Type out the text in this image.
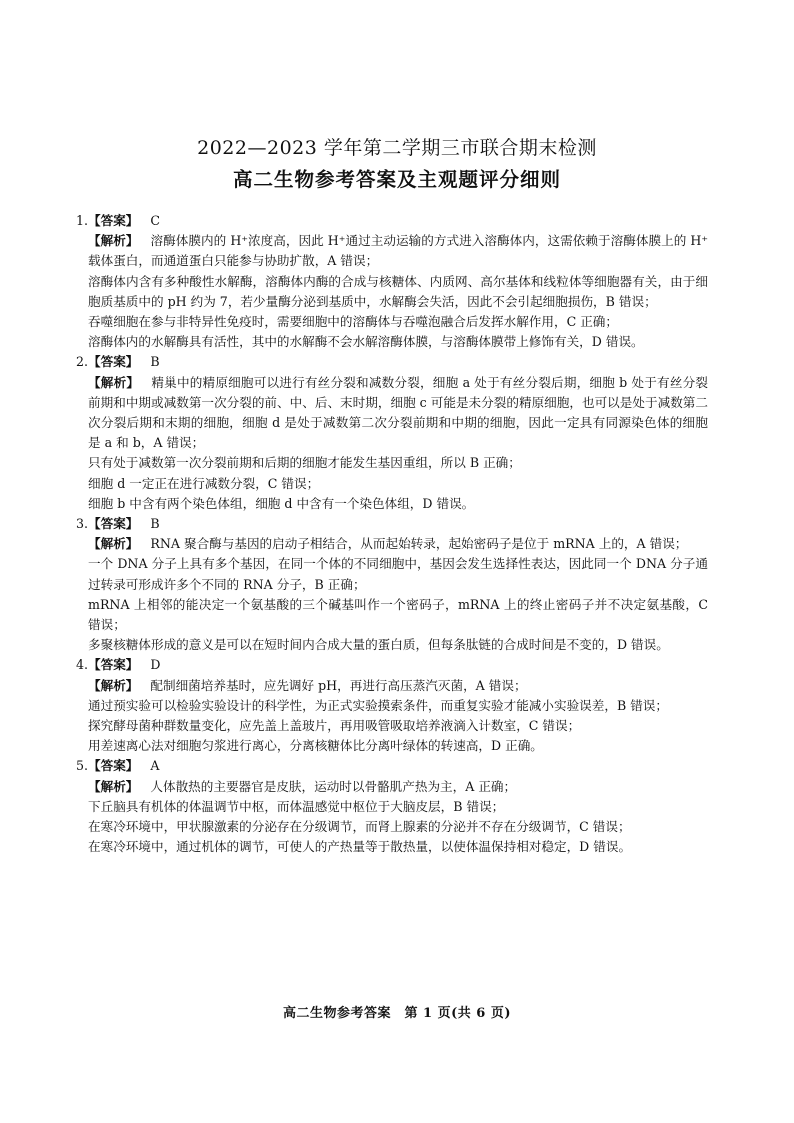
2022—2023 学年第二学期三市联合期末检测
高二生物参考答案及主观题评分细则
1. 【答案】 C
【解析】 溶酶体膜内的 H⁺浓度高，因此 H⁺通过主动运输的方式进入溶酶体内，这需依赖于溶酶体膜上的 H⁺载体蛋白，而通道蛋白只能参与协助扩散，A 错误；
溶酶体内含有多种酸性水解酶，溶酶体内酶的合成与核糖体、内质网、高尔基体和线粒体等细胞器有关，由于细胞质基质中的 pH 约为 7，若少量酶分泌到基质中，水解酶会失活，因此不会引起细胞损伤，B 错误；
吞噬细胞在参与非特异性免疫时，需要细胞中的溶酶体与吞噬泡融合后发挥水解作用，C 正确；
溶酶体内的水解酶具有活性，其中的水解酶不会水解溶酶体膜，与溶酶体膜带上修饰有关，D 错误。
2. 【答案】 B
【解析】 精巢中的精原细胞可以进行有丝分裂和减数分裂，细胞 a 处于有丝分裂后期，细胞 b 处于有丝分裂前期和中期或减数第一次分裂的前、中、后、末时期，细胞 c 可能是未分裂的精原细胞，也可以是处于减数第二次分裂后期和末期的细胞，细胞 d 是处于减数第二次分裂前期和中期的细胞，因此一定具有同源染色体的细胞是 a 和 b，A 错误；
只有处于减数第一次分裂前期和后期的细胞才能发生基因重组，所以 B 正确；
细胞 d 一定正在进行减数分裂，C 错误；
细胞 b 中含有两个染色体组，细胞 d 中含有一个染色体组，D 错误。
3. 【答案】 B
【解析】 RNA 聚合酶与基因的启动子相结合，从而起始转录，起始密码子是位于 mRNA 上的，A 错误；
一个 DNA 分子上具有多个基因，在同一个体的不同细胞中，基因会发生选择性表达，因此同一个 DNA 分子通过转录可形成许多个不同的 RNA 分子，B 正确；
mRNA 上相邻的能决定一个氨基酸的三个碱基叫作一个密码子，mRNA 上的终止密码子并不决定氨基酸，C 错误；
多聚核糖体形成的意义是可以在短时间内合成大量的蛋白质，但每条肽链的合成时间是不变的，D 错误。
4. 【答案】 D
【解析】 配制细菌培养基时，应先调好 pH，再进行高压蒸汽灭菌，A 错误；
通过预实验可以检验实验设计的科学性，为正式实验摸索条件，而重复实验才能减小实验误差，B 错误；
探究酵母菌种群数量变化，应先盖上盖玻片，再用吸管吸取培养液滴入计数室，C 错误；
用差速离心法对细胞匀浆进行离心，分离核糖体比分离叶绿体的转速高，D 正确。
5. 【答案】 A
【解析】 人体散热的主要器官是皮肤，运动时以骨骼肌产热为主，A 正确；
下丘脑具有机体的体温调节中枢，而体温感觉中枢位于大脑皮层，B 错误；
在寒冷环境中，甲状腺激素的分泌存在分级调节，而肾上腺素的分泌并不存在分级调节，C 错误；
在寒冷环境中，通过机体的调节，可使人的产热量等于散热量，以使体温保持相对稳定，D 错误。
高二生物参考答案　第 1 页(共 6 页)
